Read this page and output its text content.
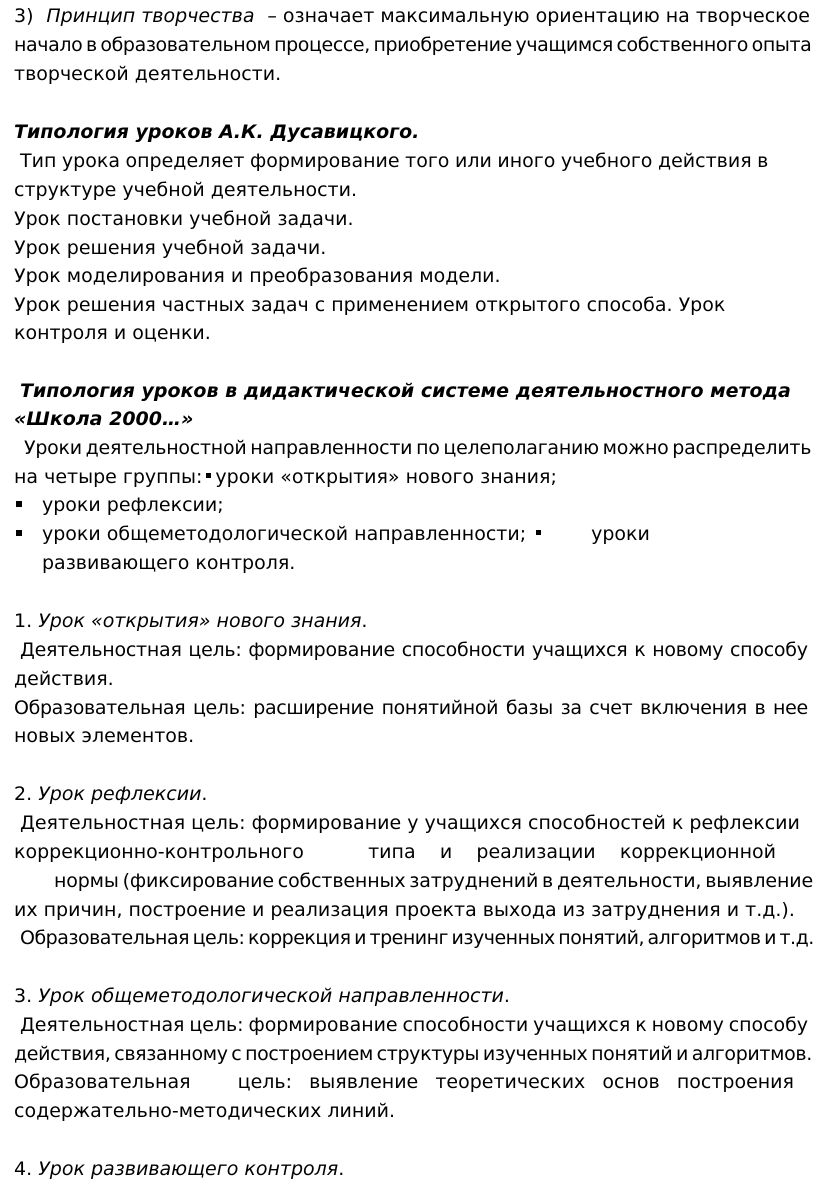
3) Принцип творчества – означает максимальную ориентацию на творческое
начало в образовательном процессе, приобретение учащимся собственного опыта
творческой деятельности.
Типология уроков А.К. Дусавицкого.
Тип урока определяет формирование того или иного учебного действия в
структуре учебной деятельности.
Урок постановки учебной задачи.
Урок решения учебной задачи.
Урок моделирования и преобразования модели.
Урок решения частных задач с применением открытого способа. Урок
контроля и оценки.
Типология уроков в дидактической системе деятельностного метода
«Школа 2000…»
Уроки деятельностной направленности по целеполаганию можно распределить
на четыре группы: уроки «открытия» нового знания;
уроки рефлексии;
уроки общеметодологической направленности;	уроки
развивающего контроля.
1. Урок «открытия» нового знания.
Деятельностная цель: формирование способности учащихся к новому способу
действия.
Образовательная цель: расширение понятийной базы за счет включения в нее
новых элементов.
2. Урок рефлексии.
Деятельностная цель: формирование у учащихся способностей к рефлексии
коррекционно-контрольного	типа и реализации коррекционной
нормы (фиксирование собственных затруднений в деятельности, выявление
их причин, построение и реализация проекта выхода из затруднения и т.д.).
Образовательная цель: коррекция и тренинг изученных понятий, алгоритмов и т.д.
3. Урок общеметодологической направленности.
Деятельностная цель: формирование способности учащихся к новому способу
действия, связанному с построением структуры изученных понятий и алгоритмов.
Образовательная цель: выявление теоретических основ построения
содержательно-методических линий.
4. Урок развивающего контроля.
